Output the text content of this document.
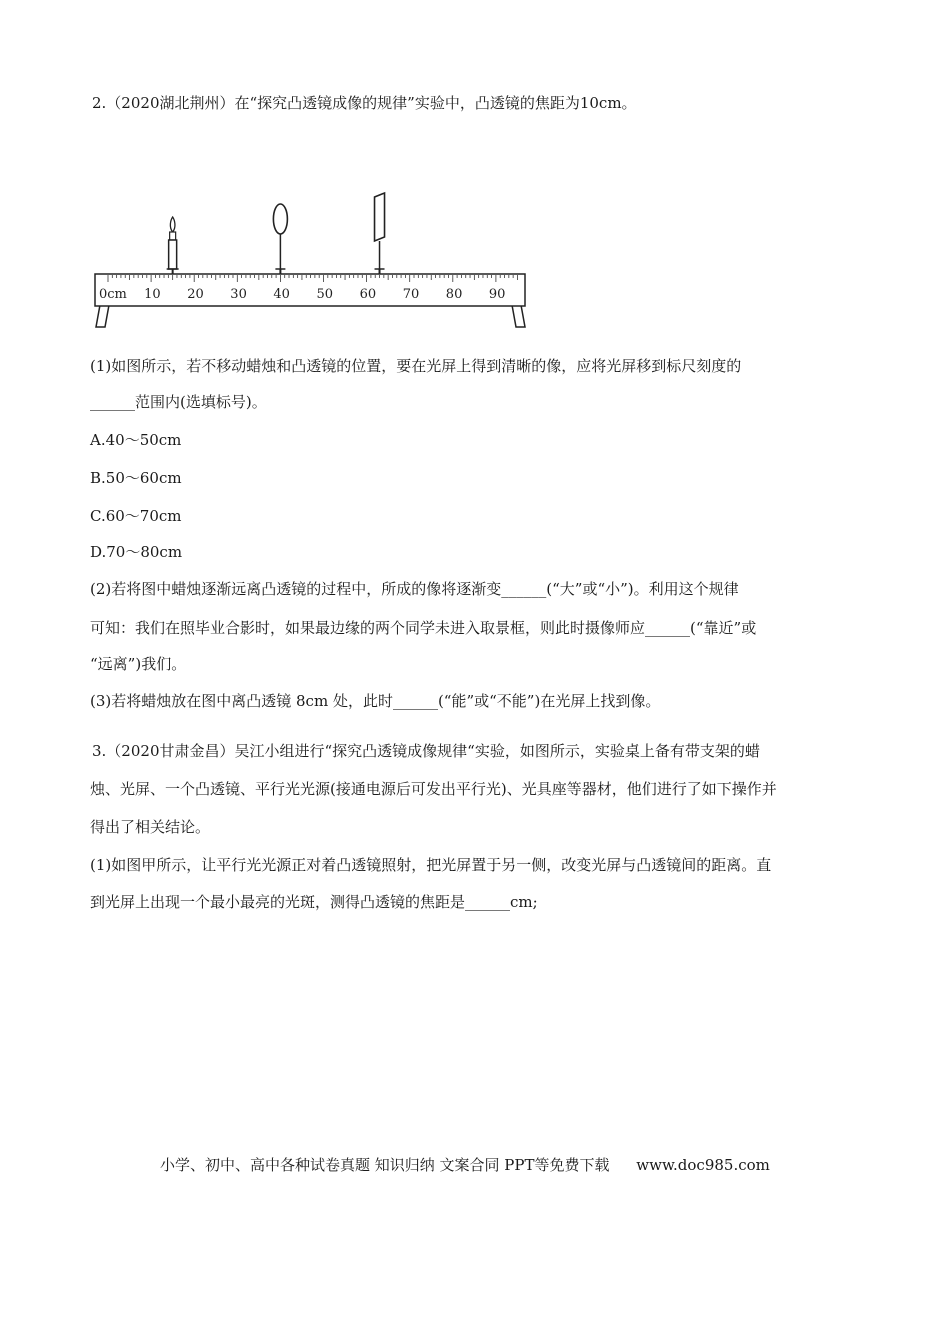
2.（2020湖北荆州）在“探究凸透镜成像的规律”实验中，凸透镜的焦距为10cm。
0cm 10 20 30 40 50 60 70 80 90
(1)如图所示，若不移动蜡烛和凸透镜的位置，要在光屏上得到清晰的像，应将光屏移到标尺刻度的
______范围内(选填标号)。
A.40～50cm
B.50～60cm
C.60～70cm
D.70～80cm
(2)若将图中蜡烛逐渐远离凸透镜的过程中，所成的像将逐渐变______(“大”或“小”)。利用这个规律
可知：我们在照毕业合影时，如果最边缘的两个同学未进入取景框，则此时摄像师应______(“靠近”或
“远离”)我们。
(3)若将蜡烛放在图中离凸透镜 8cm 处，此时______(“能”或“不能”)在光屏上找到像。
3.（2020甘肃金昌）吴江小组进行“探究凸透镜成像规律“实验，如图所示，实验桌上备有带支架的蜡
烛、光屏、一个凸透镜、平行光光源(接通电源后可发出平行光)、光具座等器材，他们进行了如下操作并
得出了相关结论。
(1)如图甲所示，让平行光光源正对着凸透镜照射，把光屏置于另一侧，改变光屏与凸透镜间的距离。直
到光屏上出现一个最小最亮的光斑，测得凸透镜的焦距是______cm;
小学、初中、高中各种试卷真题 知识归纳 文案合同 PPT等免费下载 www.doc985.com
